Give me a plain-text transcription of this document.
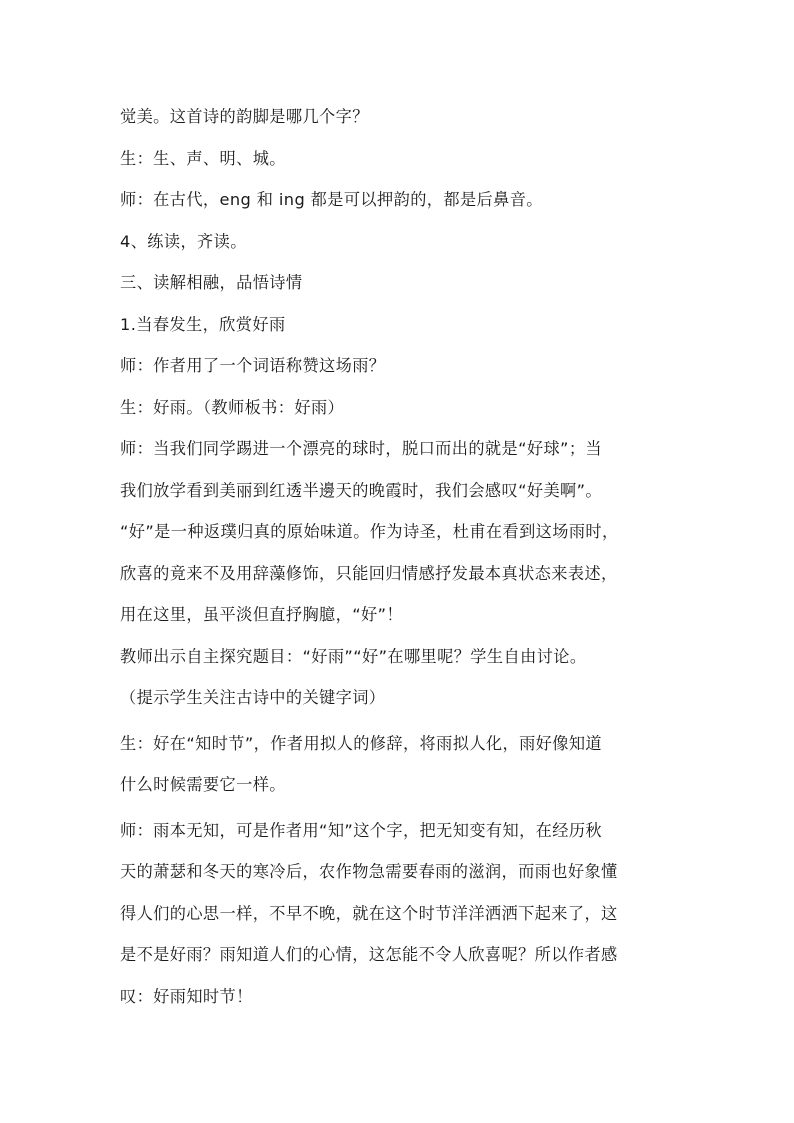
觉美。这首诗的韵脚是哪几个字？
生：生、声、明、城。
师：在古代，eng 和 ing 都是可以押韵的，都是后鼻音。
4、练读，齐读。
三、读解相融，品悟诗情
1.当春发生，欣赏好雨
师：作者用了一个词语称赞这场雨？
生：好雨。（教师板书：好雨）
师：当我们同学踢进一个漂亮的球时，脱口而出的就是“好球”；当
我们放学看到美丽到红透半邊天的晚霞时，我们会感叹“好美啊”。
“好”是一种返璞归真的原始味道。作为诗圣，杜甫在看到这场雨时，
欣喜的竟来不及用辞藻修饰，只能回归情感抒发最本真状态来表述，
用在这里，虽平淡但直抒胸臆，“好”！
教师出示自主探究题目：“好雨”“好”在哪里呢？学生自由讨论。
（提示学生关注古诗中的关键字词）
生：好在“知时节”，作者用拟人的修辞，将雨拟人化，雨好像知道
什么时候需要它一样。
师：雨本无知，可是作者用“知”这个字，把无知变有知，在经历秋
天的萧瑟和冬天的寒冷后，农作物急需要春雨的滋润，而雨也好象懂
得人们的心思一样，不早不晚，就在这个时节洋洋洒洒下起来了，这
是不是好雨？雨知道人们的心情，这怎能不令人欣喜呢？所以作者感
叹：好雨知时节！
